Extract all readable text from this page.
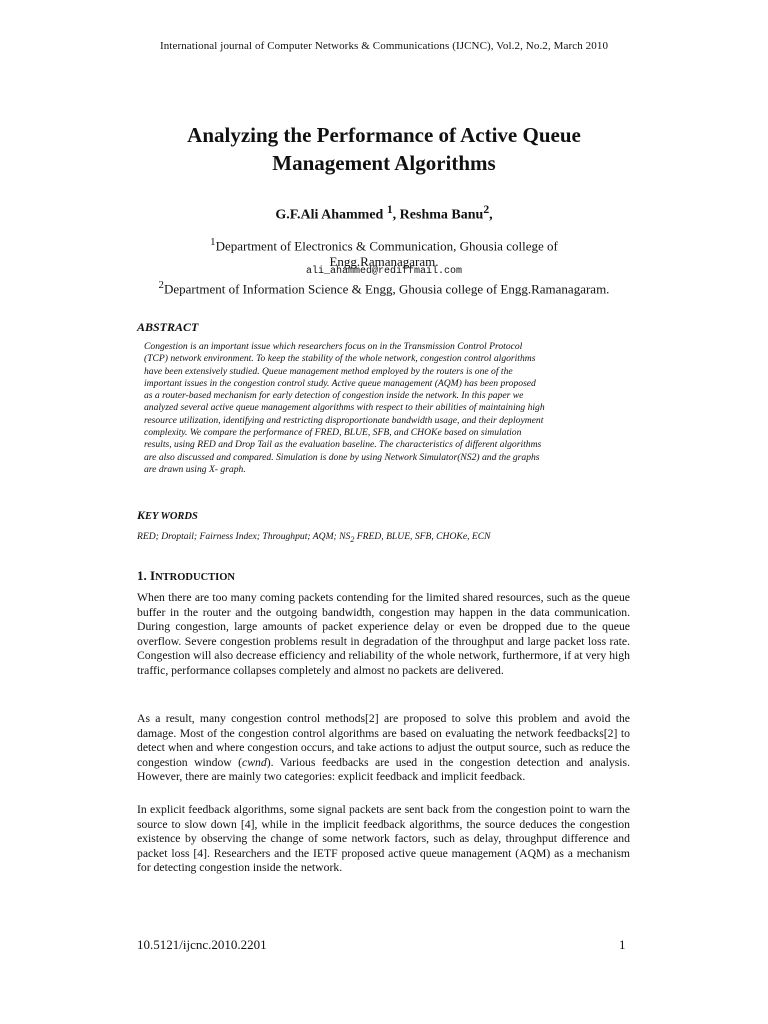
International journal of Computer Networks & Communications (IJCNC), Vol.2, No.2, March 2010
Analyzing the Performance of Active Queue
Management Algorithms
G.F.Ali Ahammed $^1$, Reshma Banu$^2$,
$^1$Department of Electronics & Communication, Ghousia college of
Engg.Ramanagaram.
ali_ahammed@rediffmail.com
$^2$Department of Information Science & Engg, Ghousia college of Engg.Ramanagaram.
ABSTRACT
Congestion is an important issue which researchers focus on in the Transmission Control Protocol
(TCP) network environment. To keep the stability of the whole network, congestion control algorithms
have been extensively studied. Queue management method employed by the routers is one of the
important issues in the congestion control study. Active queue management (AQM) has been proposed
as a router-based mechanism for early detection of congestion inside the network. In this paper we
analyzed several active queue management algorithms with respect to their abilities of maintaining high
resource utilization, identifying and restricting disproportionate bandwidth usage, and their deployment
complexity. We compare the performance of FRED, BLUE, SFB, and CHOKe based on simulation
results, using RED and Drop Tail as the evaluation baseline. The characteristics of different algorithms
are also discussed and compared. Simulation is done by using Network Simulator(NS2) and the graphs
are drawn using X- graph.
KEY WORDS
RED; Droptail; Fairness Index; Throughput; AQM; $NS_2$ FRED, BLUE, SFB, CHOKe, ECN
1. INTRODUCTION

When there are too many coming packets contending for the limited shared resources, such as the queue buffer in the router and the outgoing bandwidth, congestion may happen in the data communication. During congestion, large amounts of packet experience delay or even be dropped due to the queue overflow. Severe congestion problems result in degradation of the throughput and large packet loss rate. Congestion will also decrease efficiency and reliability of the whole network, furthermore, if at very high traffic, performance collapses completely and almost no packets are delivered.

As a result, many congestion control methods[2] are proposed to solve this problem and avoid the damage. Most of the congestion control algorithms are based on evaluating the network feedbacks[2] to detect when and where congestion occurs, and take actions to adjust the output source, such as reduce the congestion window (cwnd). Various feedbacks are used in the congestion detection and analysis. However, there are mainly two categories: explicit feedback and implicit feedback.

In explicit feedback algorithms, some signal packets are sent back from the congestion point to warn the source to slow down [4], while in the implicit feedback algorithms, the source deduces the congestion existence by observing the change of some network factors, such as delay, throughput difference and packet loss [4]. Researchers and the IETF proposed active queue management (AQM) as a mechanism for detecting congestion inside the network.

10.5121/ijcnc.2010.2201	1
